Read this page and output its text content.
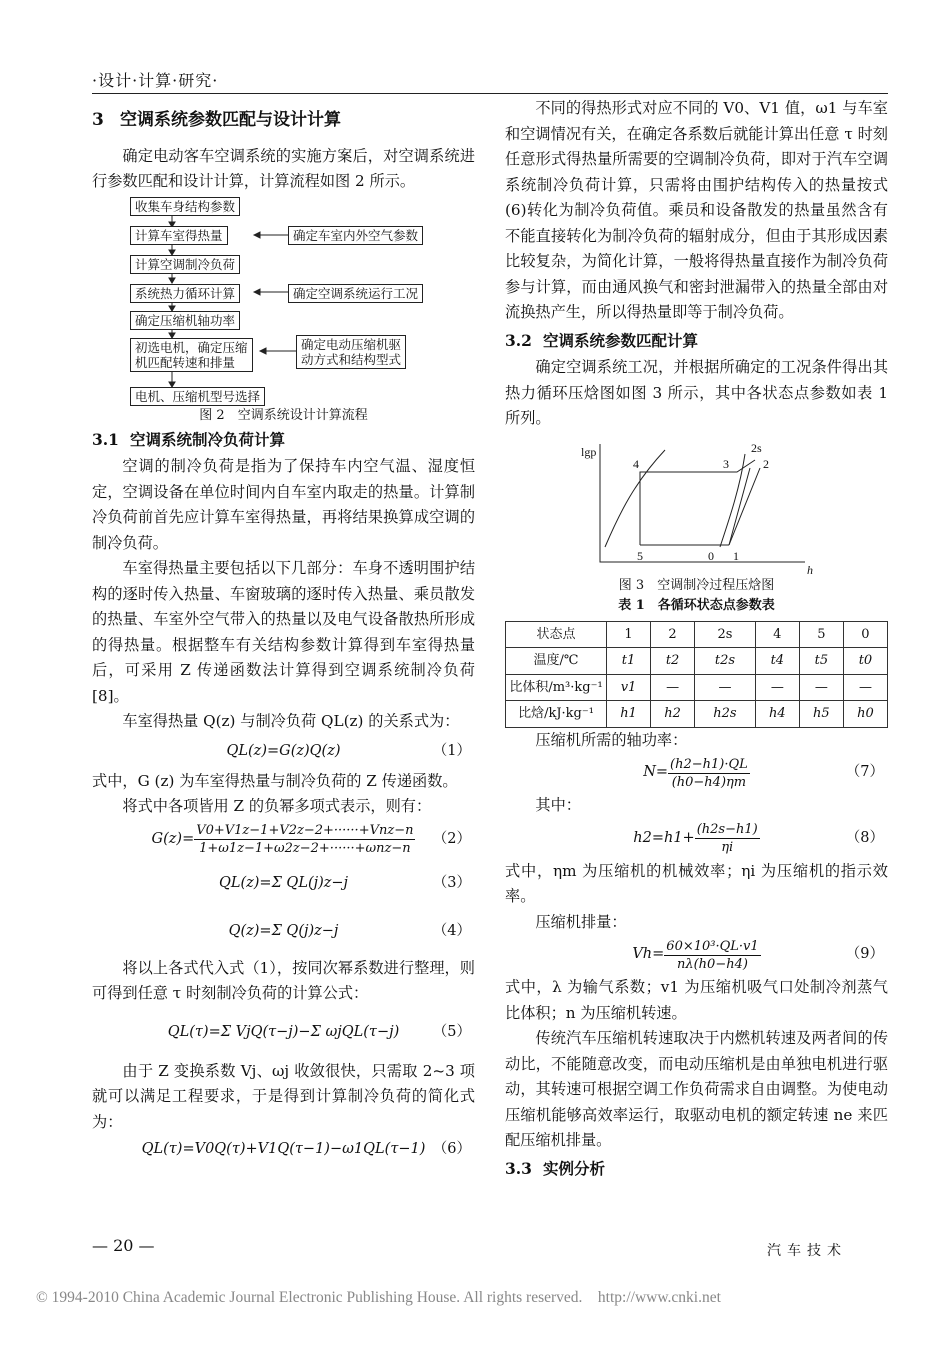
·设计·计算·研究·
3 空调系统参数匹配与设计计算

确定电动客车空调系统的实施方案后，对空调系统进行参数匹配和设计计算，计算流程如图 2 所示。

收集车身结构参数
计算车室得热量
计算空调制冷负荷
系统热力循环计算
确定压缩机轴功率
初选电机，确定压缩
机匹配转速和排量
电机、压缩机型号选择
确定车室内外空气参数
确定空调系统运行工况
确定电动压缩机驱
动方式和结构型式
图 2　空调系统设计计算流程
3.1 空调系统制冷负荷计算

空调的制冷负荷是指为了保持车内空气温、湿度恒定，空调设备在单位时间内自车室内取走的热量。计算制冷负荷前首先应计算车室得热量，再将结果换算成空调的制冷负荷。

车室得热量主要包括以下几部分：车身不透明围护结构的逐时传入热量、车窗玻璃的逐时传入热量、乘员散发的热量、车室外空气带入的热量以及电气设备散热所形成的得热量。根据整车有关结构参数计算得到车室得热量后，可采用 Z 传递函数法计算得到空调系统制冷负荷[8]。

车室得热量 Q(z) 与制冷负荷 QL(z) 的关系式为：

QL(z)=G(z)Q(z)	（1）

式中，G (z) 为车室得热量与制冷负荷的 Z 传递函数。

将式中各项皆用 Z 的负幂多项式表示，则有：

$G(z)= \frac{\text{V0+V1z−1+V2z−2+······+Vnz−n}}{\text{1+ω1z−1+ω2z−2+······+ωnz−n}} (2)$
QL(z)=Σ QL(j)z−j	（3）
Q(z)=Σ Q(j)z−j	（4）

将以上各式代入式（1），按同次幂系数进行整理，则可得到任意 τ 时刻制冷负荷的计算公式：

QL(τ)=Σ VjQ(τ−j)−Σ ωjQL(τ−j) （5）

由于 Z 变换系数 Vj、ωj 收敛很快，只需取 2~3 项就可以满足工程要求，于是得到计算制冷负荷的简化式为：

QL(τ)=V0Q(τ)+V1Q(τ−1)−ω1QL(τ−1) （6）

不同的得热形式对应不同的 V0、V1 值，ω1 与车室和空调情况有关，在确定各系数后就能计算出任意 τ 时刻任意形式得热量所需要的空调制冷负荷，即对于汽车空调系统制冷负荷计算，只需将由围护结构传入的热量按式(6)转化为制冷负荷值。乘员和设备散发的热量虽然含有不能直接转化为制冷负荷的辐射成分，但由于其形成因素比较复杂，为简化计算，一般将得热量直接作为制冷负荷参与计算，而由通风换气和密封泄漏带入的热量全部由对流换热产生，所以得热量即等于制冷负荷。

3.2 空调系统参数匹配计算

确定空调系统工况，并根据所确定的工况条件得出其热力循环压焓图如图 3 所示，其中各状态点参数如表 1 所列。

lgp
h
4	3
2s
2
5	0 1
图 3　空调制冷过程压焓图
表 1　各循环状态点参数表
状态点	1	2	2s	4	5	0
温度/℃	t1	t2	t2s	t4	t5	t0
比体积/m³·kg⁻¹	v1	—	—	—	—	—
比焓/kJ·kg⁻¹	h1	h2	h2s	h4	h5	h0

压缩机所需的轴功率：

$N= \frac{(h2-h1)\cdot QL}{(h0-h4)\eta m}$	（7）

其中：

$h2=h1+ \frac{(h2s-h1)}{\eta i}$	（8）

式中，ηm 为压缩机的机械效率；ηi 为压缩机的指示效率。

压缩机排量：

$Vh= \frac{\text{60×10³·QL·v1}}{n\lambda(h0-h4)}$	（9）

式中，λ 为输气系数；v1 为压缩机吸气口处制冷剂蒸气比体积；n 为压缩机转速。

传统汽车压缩机转速取决于内燃机转速及两者间的传动比，不能随意改变，而电动压缩机是由单独电机进行驱动，其转速可根据空调工作负荷需求自由调整。为使电动压缩机能够高效率运行，取驱动电机的额定转速 ne 来匹配压缩机排量。

3.3 实例分析
— 20 —	汽车技术
© 1994-2010 China Academic Journal Electronic Publishing House. All rights reserved.　http://www.cnki.net
